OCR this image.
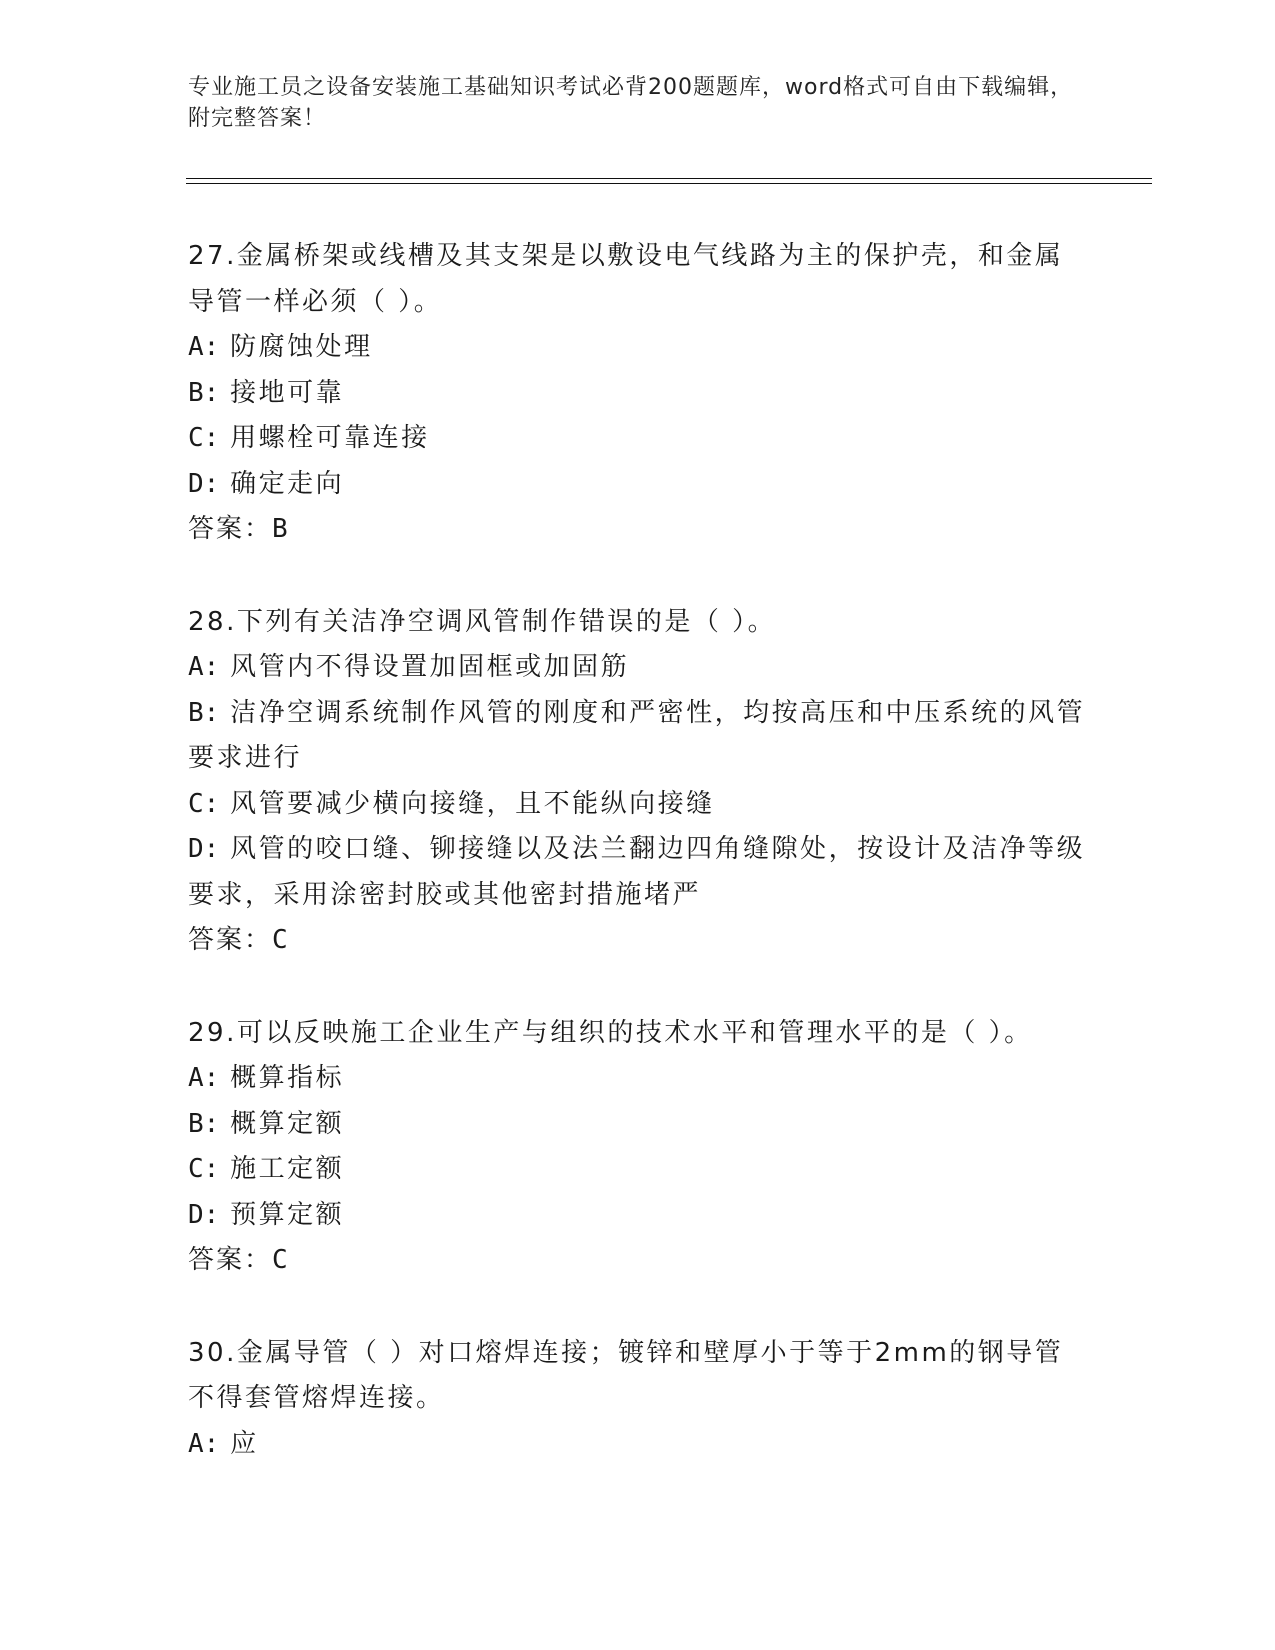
专业施工员之设备安装施工基础知识考试必背200题题库，word格式可自由下载编辑，附完整答案！
27.金属桥架或线槽及其支架是以敷设电气线路为主的保护壳，和金属导管一样必须（ ）。
A: 防腐蚀处理
B: 接地可靠
C: 用螺栓可靠连接
D: 确定走向
答案：B
28.下列有关洁净空调风管制作错误的是（ ）。
A: 风管内不得设置加固框或加固筋
B: 洁净空调系统制作风管的刚度和严密性，均按高压和中压系统的风管要求进行
C: 风管要减少横向接缝，且不能纵向接缝
D: 风管的咬口缝、铆接缝以及法兰翻边四角缝隙处，按设计及洁净等级要求，采用涂密封胶或其他密封措施堵严
答案：C
29.可以反映施工企业生产与组织的技术水平和管理水平的是（ ）。
A: 概算指标
B: 概算定额
C: 施工定额
D: 预算定额
答案：C
30.金属导管（ ）对口熔焊连接；镀锌和壁厚小于等于2mm的钢导管不得套管熔焊连接。
A: 应
